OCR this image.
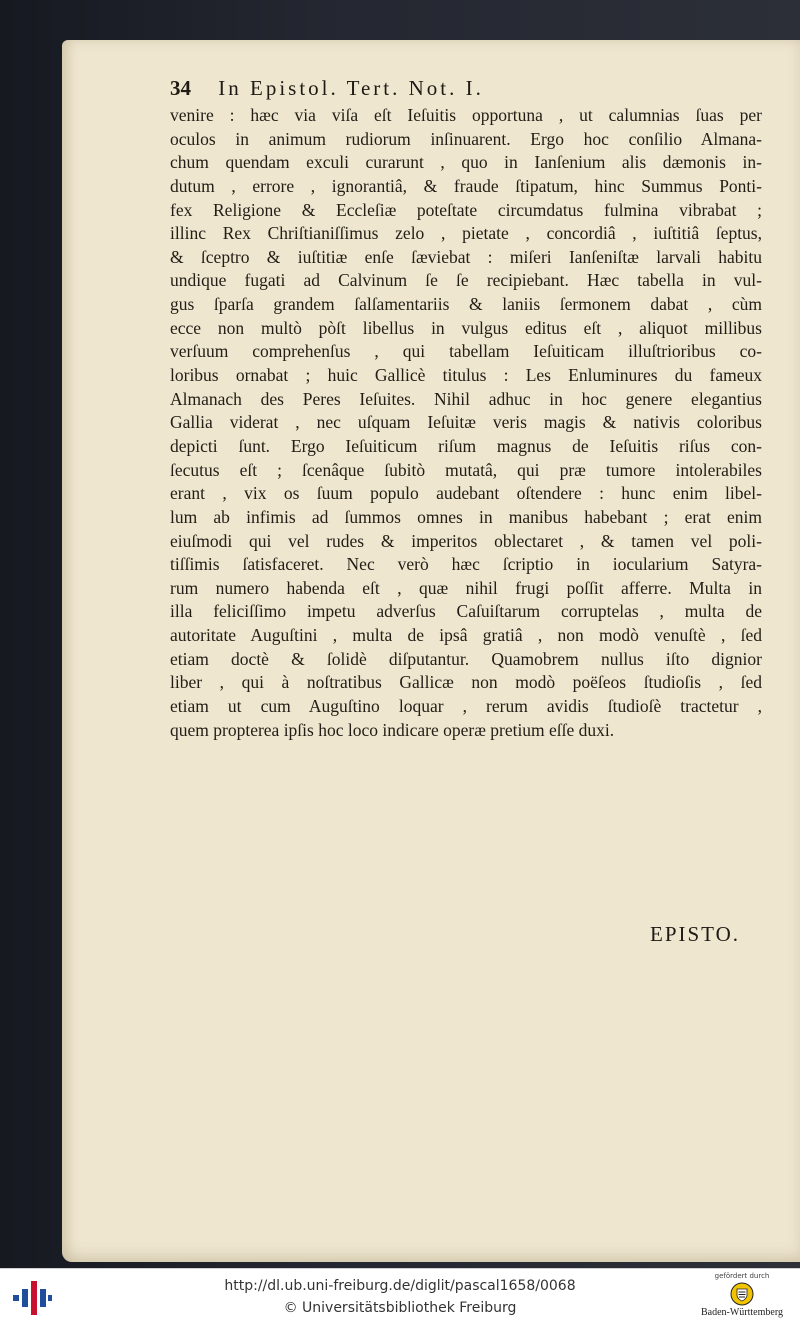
34 In Epistol. Tert. Not. I.
venire : hæc via viſa eſt Ieſuitis opportuna , ut calumnias ſuas per
oculos in animum rudiorum inſinuarent. Ergo hoc conſilio Almana-
chum quendam exculi curarunt , quo in Ianſenium alis dæmonis in-
dutum , errore , ignorantiâ, & fraude ſtipatum, hinc Summus Ponti-
fex Religione & Eccleſiæ poteſtate circumdatus fulmina vibrabat ;
illinc Rex Chriſtianiſſimus zelo , pietate , concordiâ , iuſtitiâ ſeptus,
& ſceptro & iuſtitiæ enſe ſæviebat : miſeri Ianſeniſtæ larvali habitu
undique fugati ad Calvinum ſe ſe recipiebant. Hæc tabella in vul-
gus ſparſa grandem ſalſamentariis & laniis ſermonem dabat , cùm
ecce non multò pòſt libellus in vulgus editus eſt , aliquot millibus
verſuum comprehenſus , qui tabellam Ieſuiticam illuſtrioribus co-
loribus ornabat ; huic Gallicè titulus : Les Enluminures du fameux
Almanach des Peres Ieſuites. Nihil adhuc in hoc genere elegantius
Gallia viderat , nec uſquam Ieſuitæ veris magis & nativis coloribus
depicti ſunt. Ergo Ieſuiticum riſum magnus de Ieſuitis riſus con-
ſecutus eſt ; ſcenâque ſubitò mutatâ, qui præ tumore intolerabiles
erant , vix os ſuum populo audebant oſtendere : hunc enim libel-
lum ab infimis ad ſummos omnes in manibus habebant ; erat enim
eiuſmodi qui vel rudes & imperitos oblectaret , & tamen vel poli-
tiſſimis ſatisfaceret. Nec verò hæc ſcriptio in iocularium Satyra-
rum numero habenda eſt , quæ nihil frugi poſſit afferre. Multa in
illa feliciſſimo impetu adverſus Caſuiſtarum corruptelas , multa de
autoritate Auguſtini , multa de ipsâ gratiâ , non modò venuſtè , ſed
etiam doctè & ſolidè diſputantur. Quamobrem nullus iſto dignior
liber , qui à noſtratibus Gallicæ non modò poëſeos ſtudioſis , ſed
etiam ut cum Auguſtino loquar , rerum avidis ſtudioſè tractetur ,
quem propterea ipſis hoc loco indicare operæ pretium eſſe duxi.
EPISTO.
http://dl.ub.uni-freiburg.de/diglit/pascal1658/0068
© Universitätsbibliothek Freiburg
gefördert durch
Baden-Württemberg
